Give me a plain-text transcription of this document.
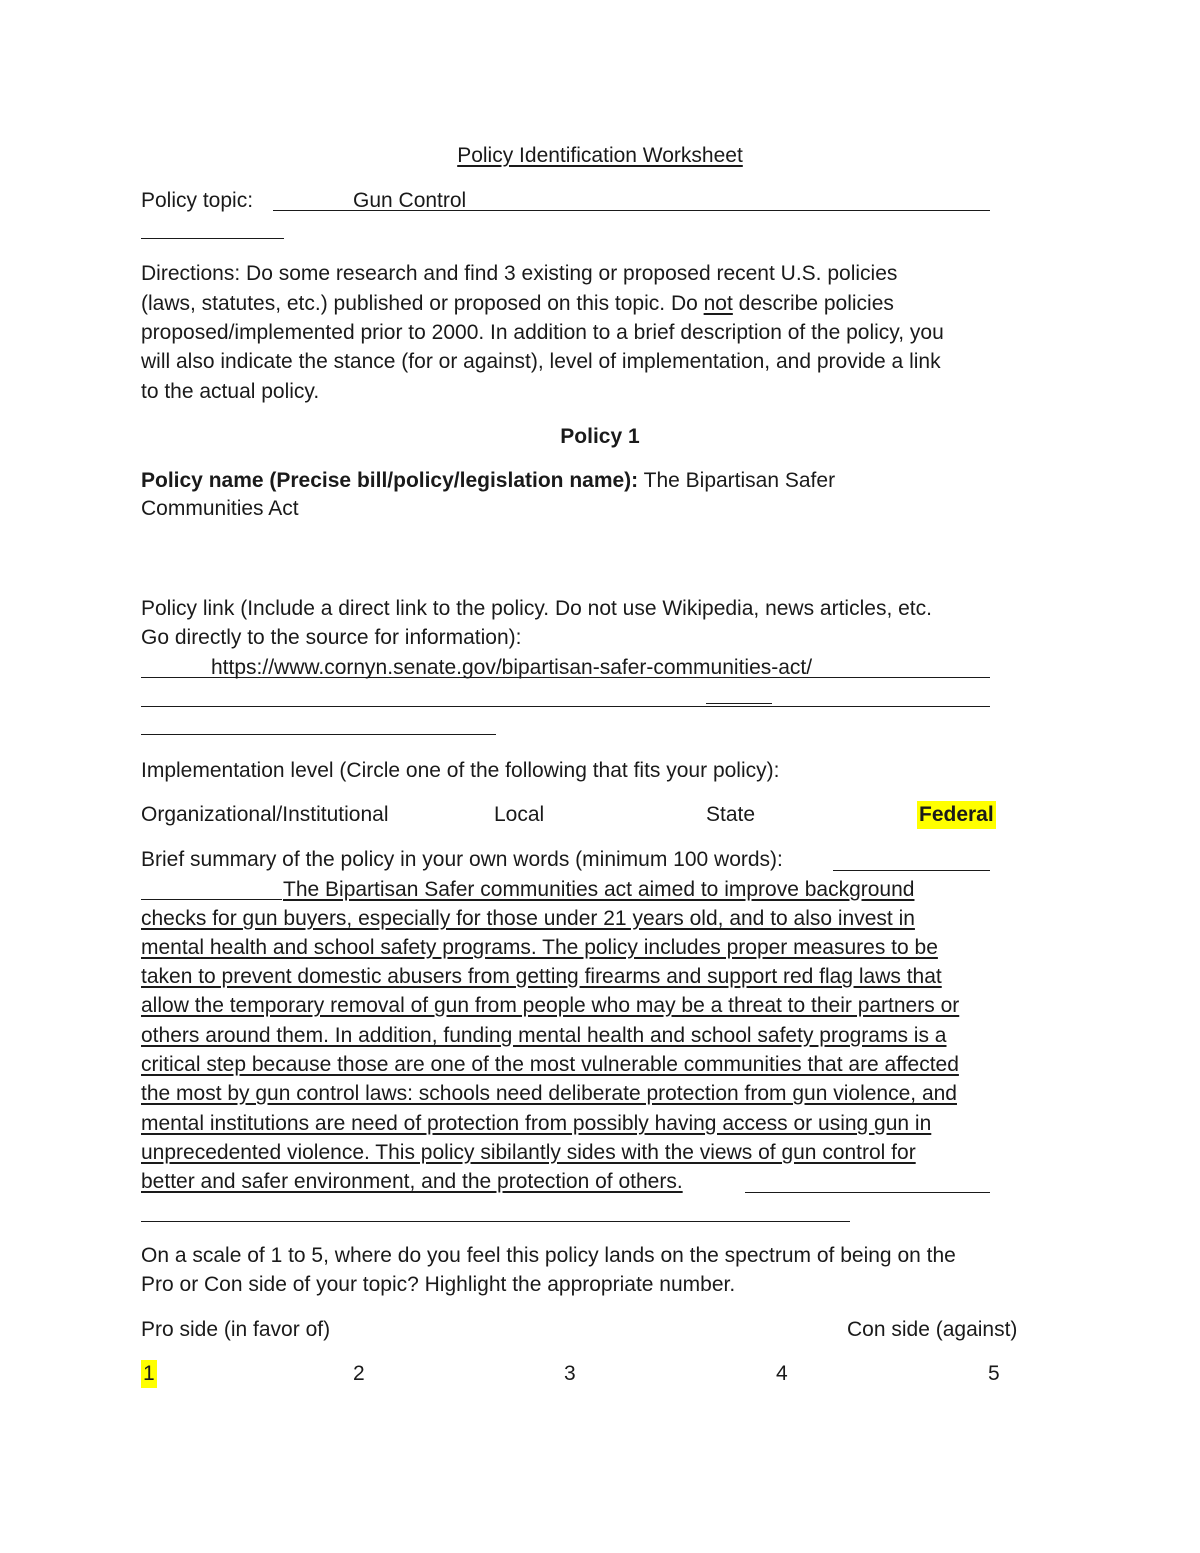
Policy Identification Worksheet
Policy topic:	Gun Control
Directions: Do some research and find 3 existing or proposed recent U.S. policies
(laws, statutes, etc.) published or proposed on this topic. Do not describe policies
proposed/implemented prior to 2000. In addition to a brief description of the policy, you
will also indicate the stance (for or against), level of implementation, and provide a link
to the actual policy.
Policy 1
Policy name (Precise bill/policy/legislation name): The Bipartisan Safer
Communities Act
Policy link (Include a direct link to the policy. Do not use Wikipedia, news articles, etc.
Go directly to the source for information):
https://www.cornyn.senate.gov/bipartisan-safer-communities-act/
Implementation level (Circle one of the following that fits your policy):
Organizational/Institutional	Local	State	Federal
Brief summary of the policy in your own words (minimum 100 words):
The Bipartisan Safer communities act aimed to improve background
checks for gun buyers, especially for those under 21 years old, and to also invest in
mental health and school safety programs. The policy includes proper measures to be
taken to prevent domestic abusers from getting firearms and support red flag laws that
allow the temporary removal of gun from people who may be a threat to their partners or
others around them. In addition, funding mental health and school safety programs is a
critical step because those are one of the most vulnerable communities that are affected
the most by gun control laws: schools need deliberate protection from gun violence, and
mental institutions are need of protection from possibly having access or using gun in
unprecedented violence. This policy sibilantly sides with the views of gun control for
better and safer environment, and the protection of others.
On a scale of 1 to 5, where do you feel this policy lands on the spectrum of being on the
Pro or Con side of your topic? Highlight the appropriate number.
Pro side (in favor of)	Con side (against)
1	2	3	4	5
